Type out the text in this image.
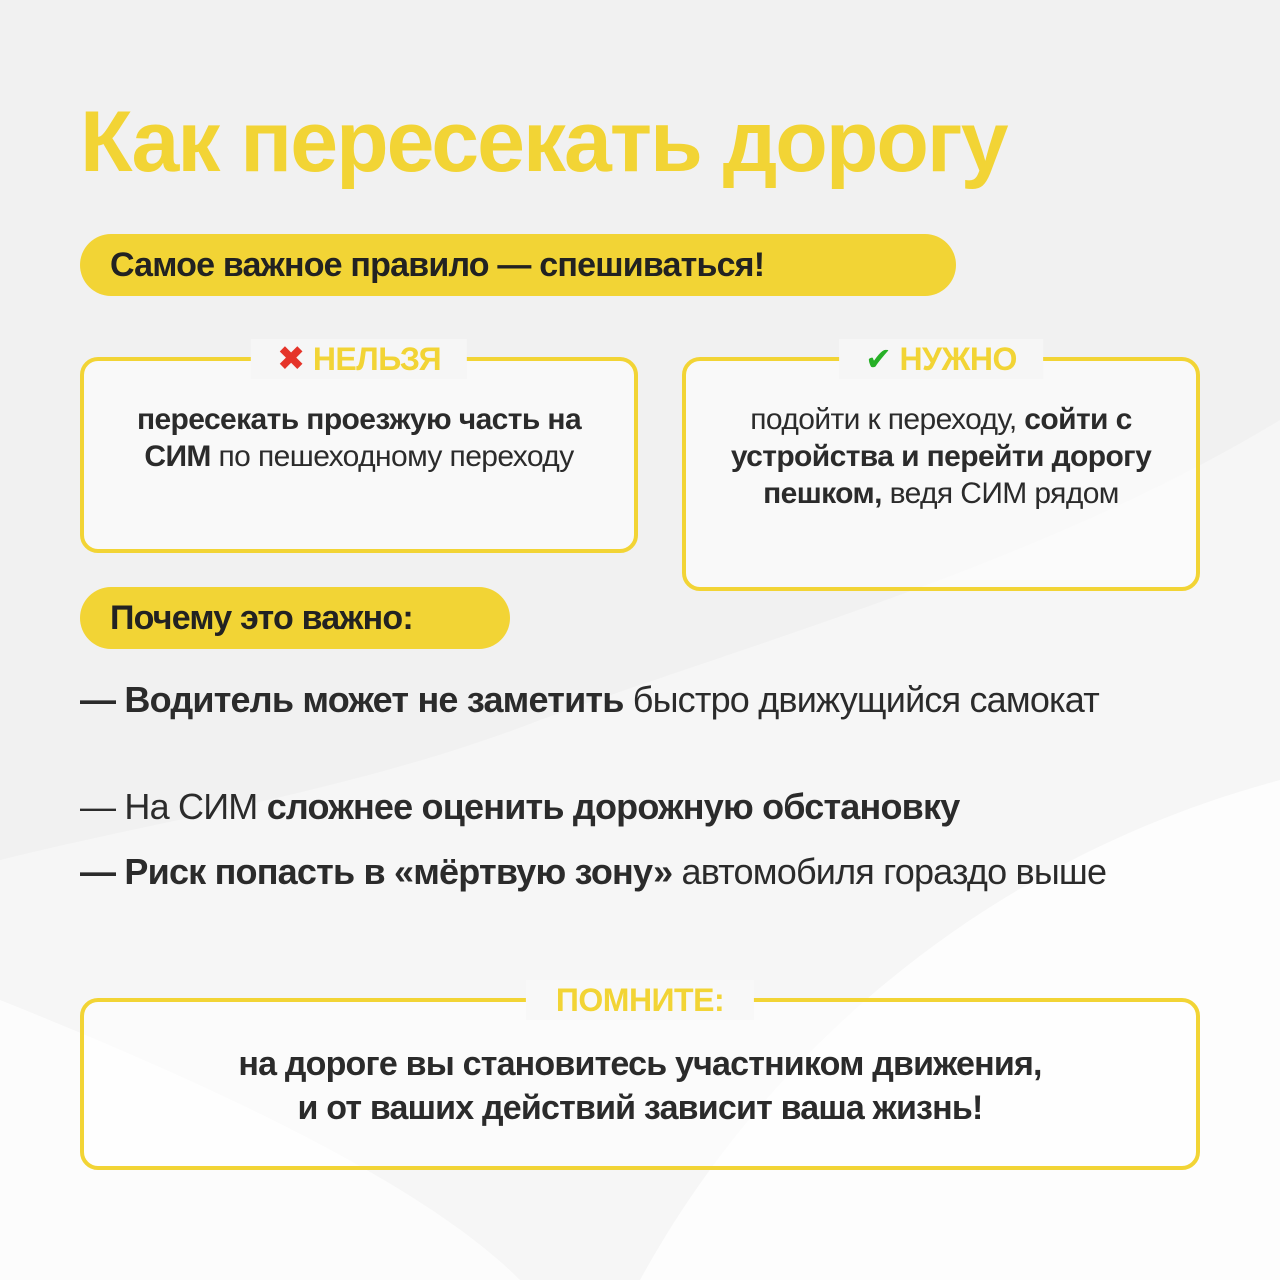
Как пересекать дорогу
Самое важное правило — спешиваться!
✖ НЕЛЬЗЯ
пересекать проезжую часть на СИМ по пешеходному переходу
✔ НУЖНО
подойти к переходу, сойти с устройства и перейти дорогу пешком, ведя СИМ рядом
Почему это важно:

— Водитель может не заметить быстро движущийся самокат

— На СИМ сложнее оценить дорожную обстановку

— Риск попасть в «мёртвую зону» автомобиля гораздо выше

ПОМНИТЕ:
на дороге вы становитесь участником движения,
и от ваших действий зависит ваша жизнь!
